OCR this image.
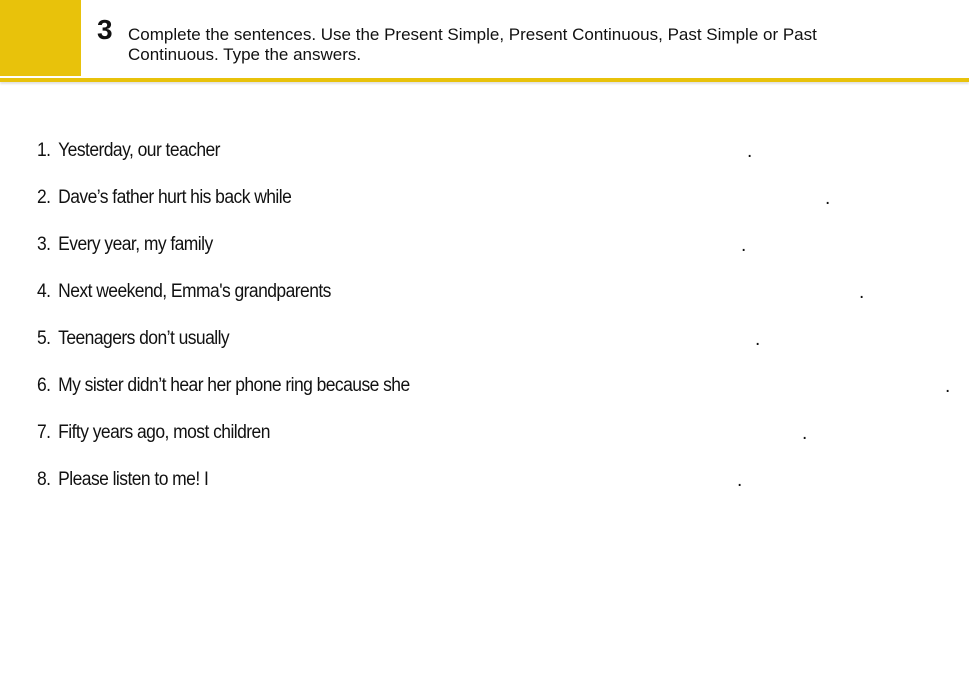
3 Complete the sentences. Use the Present Simple, Present Continuous, Past Simple or Past Continuous. Type the answers.
1. Yesterday, our teacher	.
2. Dave’s father hurt his back while	.
3. Every year, my family	.
4. Next weekend, Emma's grandparents	.
5. Teenagers don’t usually	.
6. My sister didn’t hear her phone ring because she	.
7. Fifty years ago, most children	.
8. Please listen to me! I	.
